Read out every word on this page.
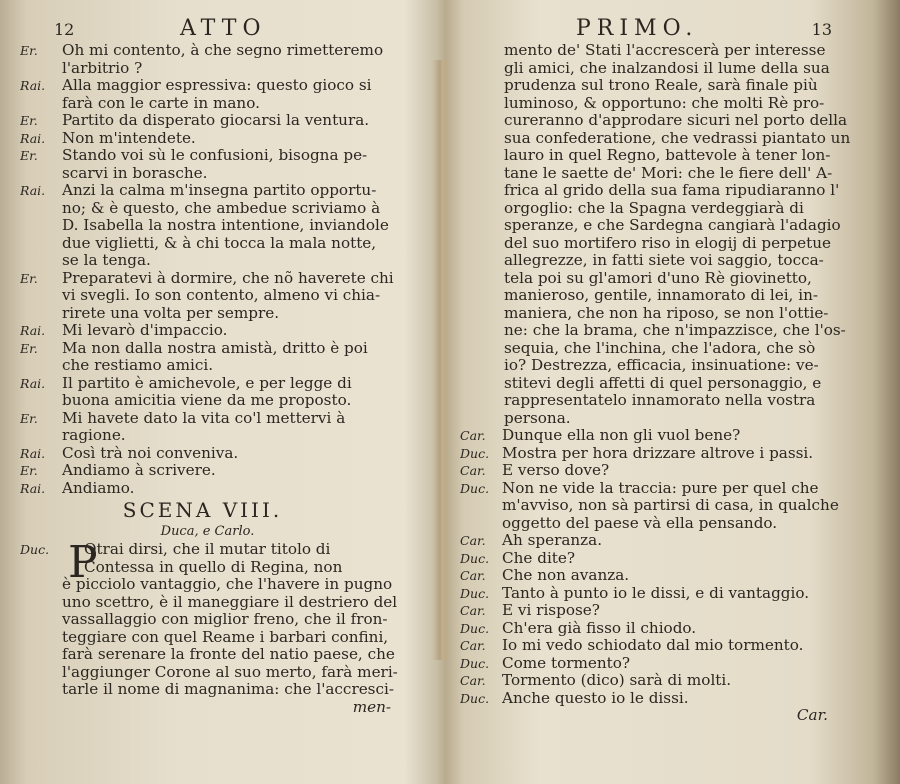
12	ATTO
Er. Oh mi contento, à che segno rimetteremo
l'arbitrio ?
Rai. Alla maggior espressiva: questo gioco si
farà con le carte in mano.
Er. Partito da disperato giocarsi la ventura.
Rai. Non m'intendete.
Er. Stando voi sù le confusioni, bisogna pe-
scarvi in borasche.
Rai. Anzi la calma m'insegna partito opportu-
no; & è questo, che ambedue scriviamo à
D. Isabella la nostra intentione, inviandole
due viglietti, & à chi tocca la mala notte,
se la tenga.
Er. Preparatevi à dormire, che nõ haverete chi
vi svegli. Io son contento, almeno vi chia-
rirete una volta per sempre.
Rai. Mi levarò d'impaccio.
Er. Ma non dalla nostra amistà, dritto è poi
che restiamo amici.
Rai. Il partito è amichevole, e per legge di
buona amicitia viene da me proposto.
Er. Mi havete dato la vita co'l mettervi à
ragione.
Rai. Così trà noi conveniva.
Er. Andiamo à scrivere.
Rai. Andiamo.
SCENA VIII.
Duca, e Carlo.
P
Duc. Otrai dirsi, che il mutar titolo di
Contessa in quello di Regina, non
è picciolo vantaggio, che l'havere in pugno
uno scettro, è il maneggiare il destriero del
vassallaggio con miglior freno, che il fron-
teggiare con quel Reame i barbari confini,
farà serenare la fronte del natio paese, che
l'aggiunger Corone al suo merto, farà meri-
tarle il nome di magnanima: che l'accresci-
men-
PRIMO.	13
mento de' Stati l'accrescerà per interesse
gli amici, che inalzandosi il lume della sua
prudenza sul trono Reale, sarà finale più
luminoso, & opportuno: che molti Rè pro-
cureranno d'approdare sicuri nel porto della
sua confederatione, che vedrassi piantato un
lauro in quel Regno, battevole à tener lon-
tane le saette de' Mori: che le fiere dell' A-
frica al grido della sua fama ripudiaranno l'
orgoglio: che la Spagna verdeggiarà di
speranze, e che Sardegna cangiarà l'adagio
del suo mortifero riso in elogij di perpetue
allegrezze, in fatti siete voi saggio, tocca-
tela poi su gl'amori d'uno Rè giovinetto,
manieroso, gentile, innamorato di lei, in-
maniera, che non ha riposo, se non l'ottie-
ne: che la brama, che n'impazzisce, che l'os-
sequia, che l'inchina, che l'adora, che sò
io? Destrezza, efficacia, insinuatione: ve-
stitevi degli affetti di quel personaggio, e
rappresentatelo innamorato nella vostra
persona.
Car. Dunque ella non gli vuol bene?
Duc. Mostra per hora drizzare altrove i passi.
Car. E verso dove?
Duc. Non ne vide la traccia: pure per quel che
m'avviso, non sà partirsi di casa, in qualche
oggetto del paese và ella pensando.
Car. Ah speranza.
Duc. Che dite?
Car. Che non avanza.
Duc. Tanto à punto io le dissi, e di vantaggio.
Car. E vi rispose?
Duc. Ch'era già fisso il chiodo.
Car. Io mi vedo schiodato dal mio tormento.
Duc. Come tormento?
Car. Tormento (dico) sarà di molti.
Duc. Anche questo io le dissi.
Car.
